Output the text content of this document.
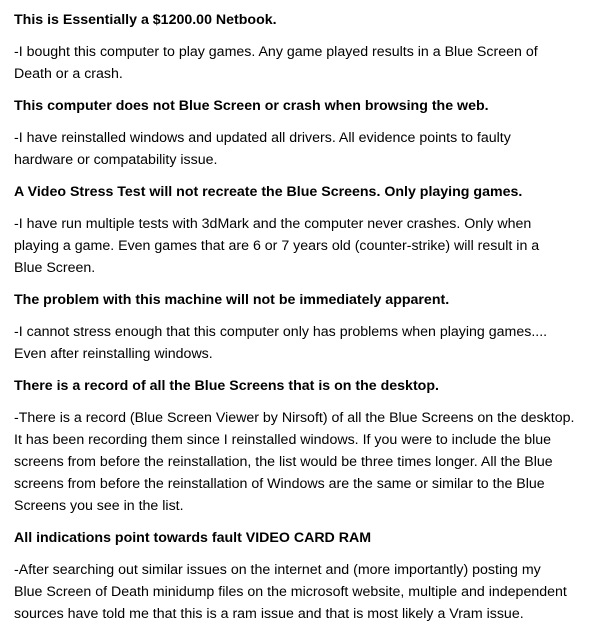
This is Essentially a $1200.00 Netbook.

-I bought this computer to play games. Any game played results in a Blue Screen of
Death or a crash.

This computer does not Blue Screen or crash when browsing the web.

-I have reinstalled windows and updated all drivers. All evidence points to faulty
hardware or compatability issue.

A Video Stress Test will not recreate the Blue Screens. Only playing games.

-I have run multiple tests with 3dMark and the computer never crashes. Only when
playing a game. Even games that are 6 or 7 years old (counter-strike) will result in a
Blue Screen.

The problem with this machine will not be immediately apparent.

-I cannot stress enough that this computer only has problems when playing games....
Even after reinstalling windows.

There is a record of all the Blue Screens that is on the desktop.

-There is a record (Blue Screen Viewer by Nirsoft) of all the Blue Screens on the desktop.
It has been recording them since I reinstalled windows. If you were to include the blue
screens from before the reinstallation, the list would be three times longer. All the Blue
screens from before the reinstallation of Windows are the same or similar to the Blue
Screens you see in the list.

All indications point towards fault VIDEO CARD RAM

-After searching out similar issues on the internet and (more importantly) posting my
Blue Screen of Death minidump files on the microsoft website, multiple and independent
sources have told me that this is a ram issue and that is most likely a Vram issue.
